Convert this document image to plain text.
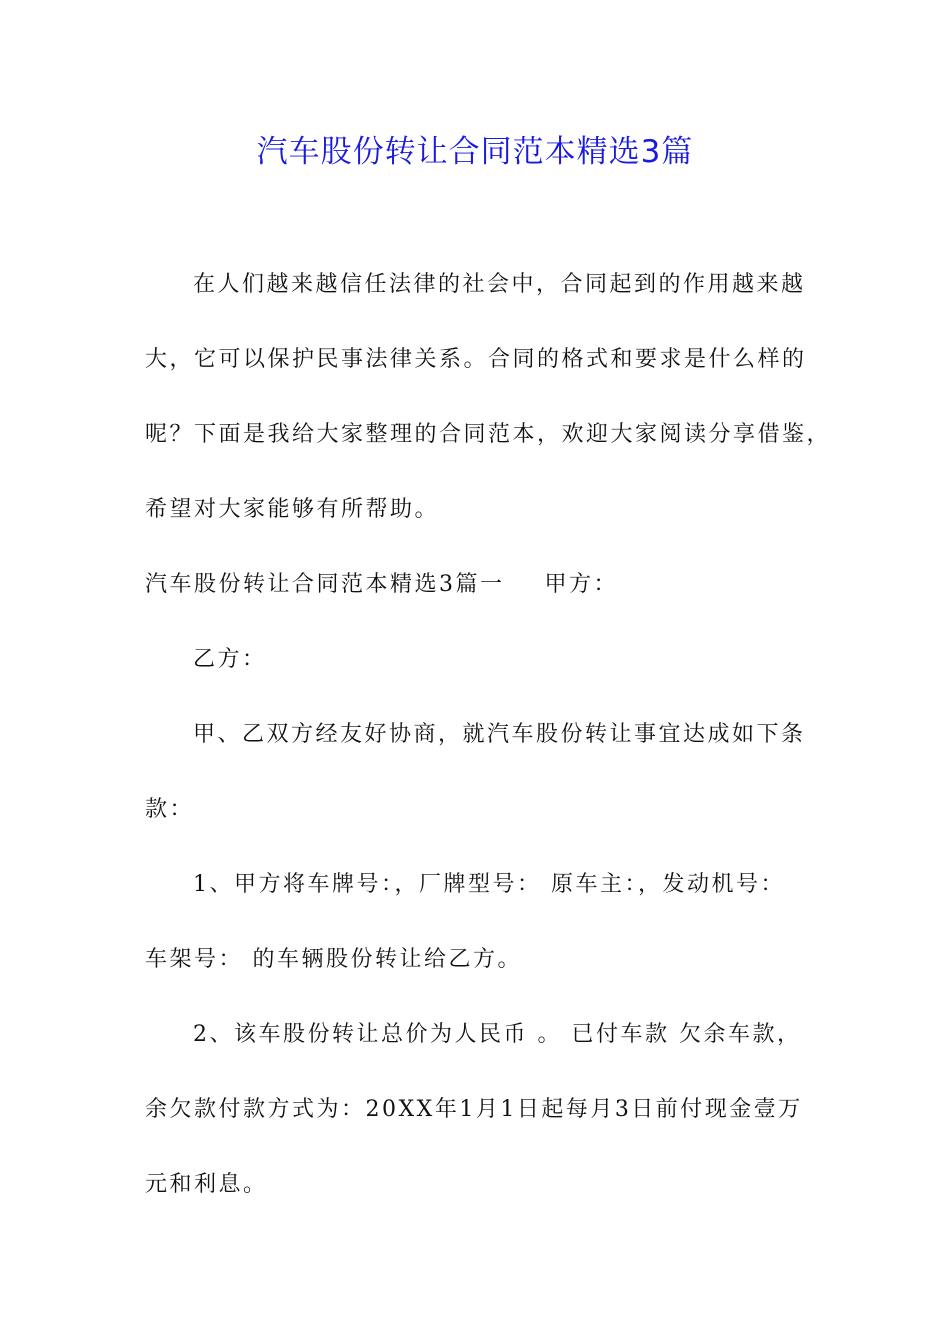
汽车股份转让合同范本精选3篇
在人们越来越信任法律的社会中，合同起到的作用越来越
大，它可以保护民事法律关系。合同的格式和要求是什么样的
呢？下面是我给大家整理的合同范本，欢迎大家阅读分享借鉴，
希望对大家能够有所帮助。
汽车股份转让合同范本精选3篇一 甲方：
乙方：
甲、乙双方经友好协商，就汽车股份转让事宜达成如下条
款：
1、甲方将车牌号：，厂牌型号： 原车主：，发动机号：
车架号： 的车辆股份转让给乙方。
2、该车股份转让总价为人民币 。 已付车款 欠余车款，
余欠款付款方式为：20XX年1月1日起每月3日前付现金壹万
元和利息。
